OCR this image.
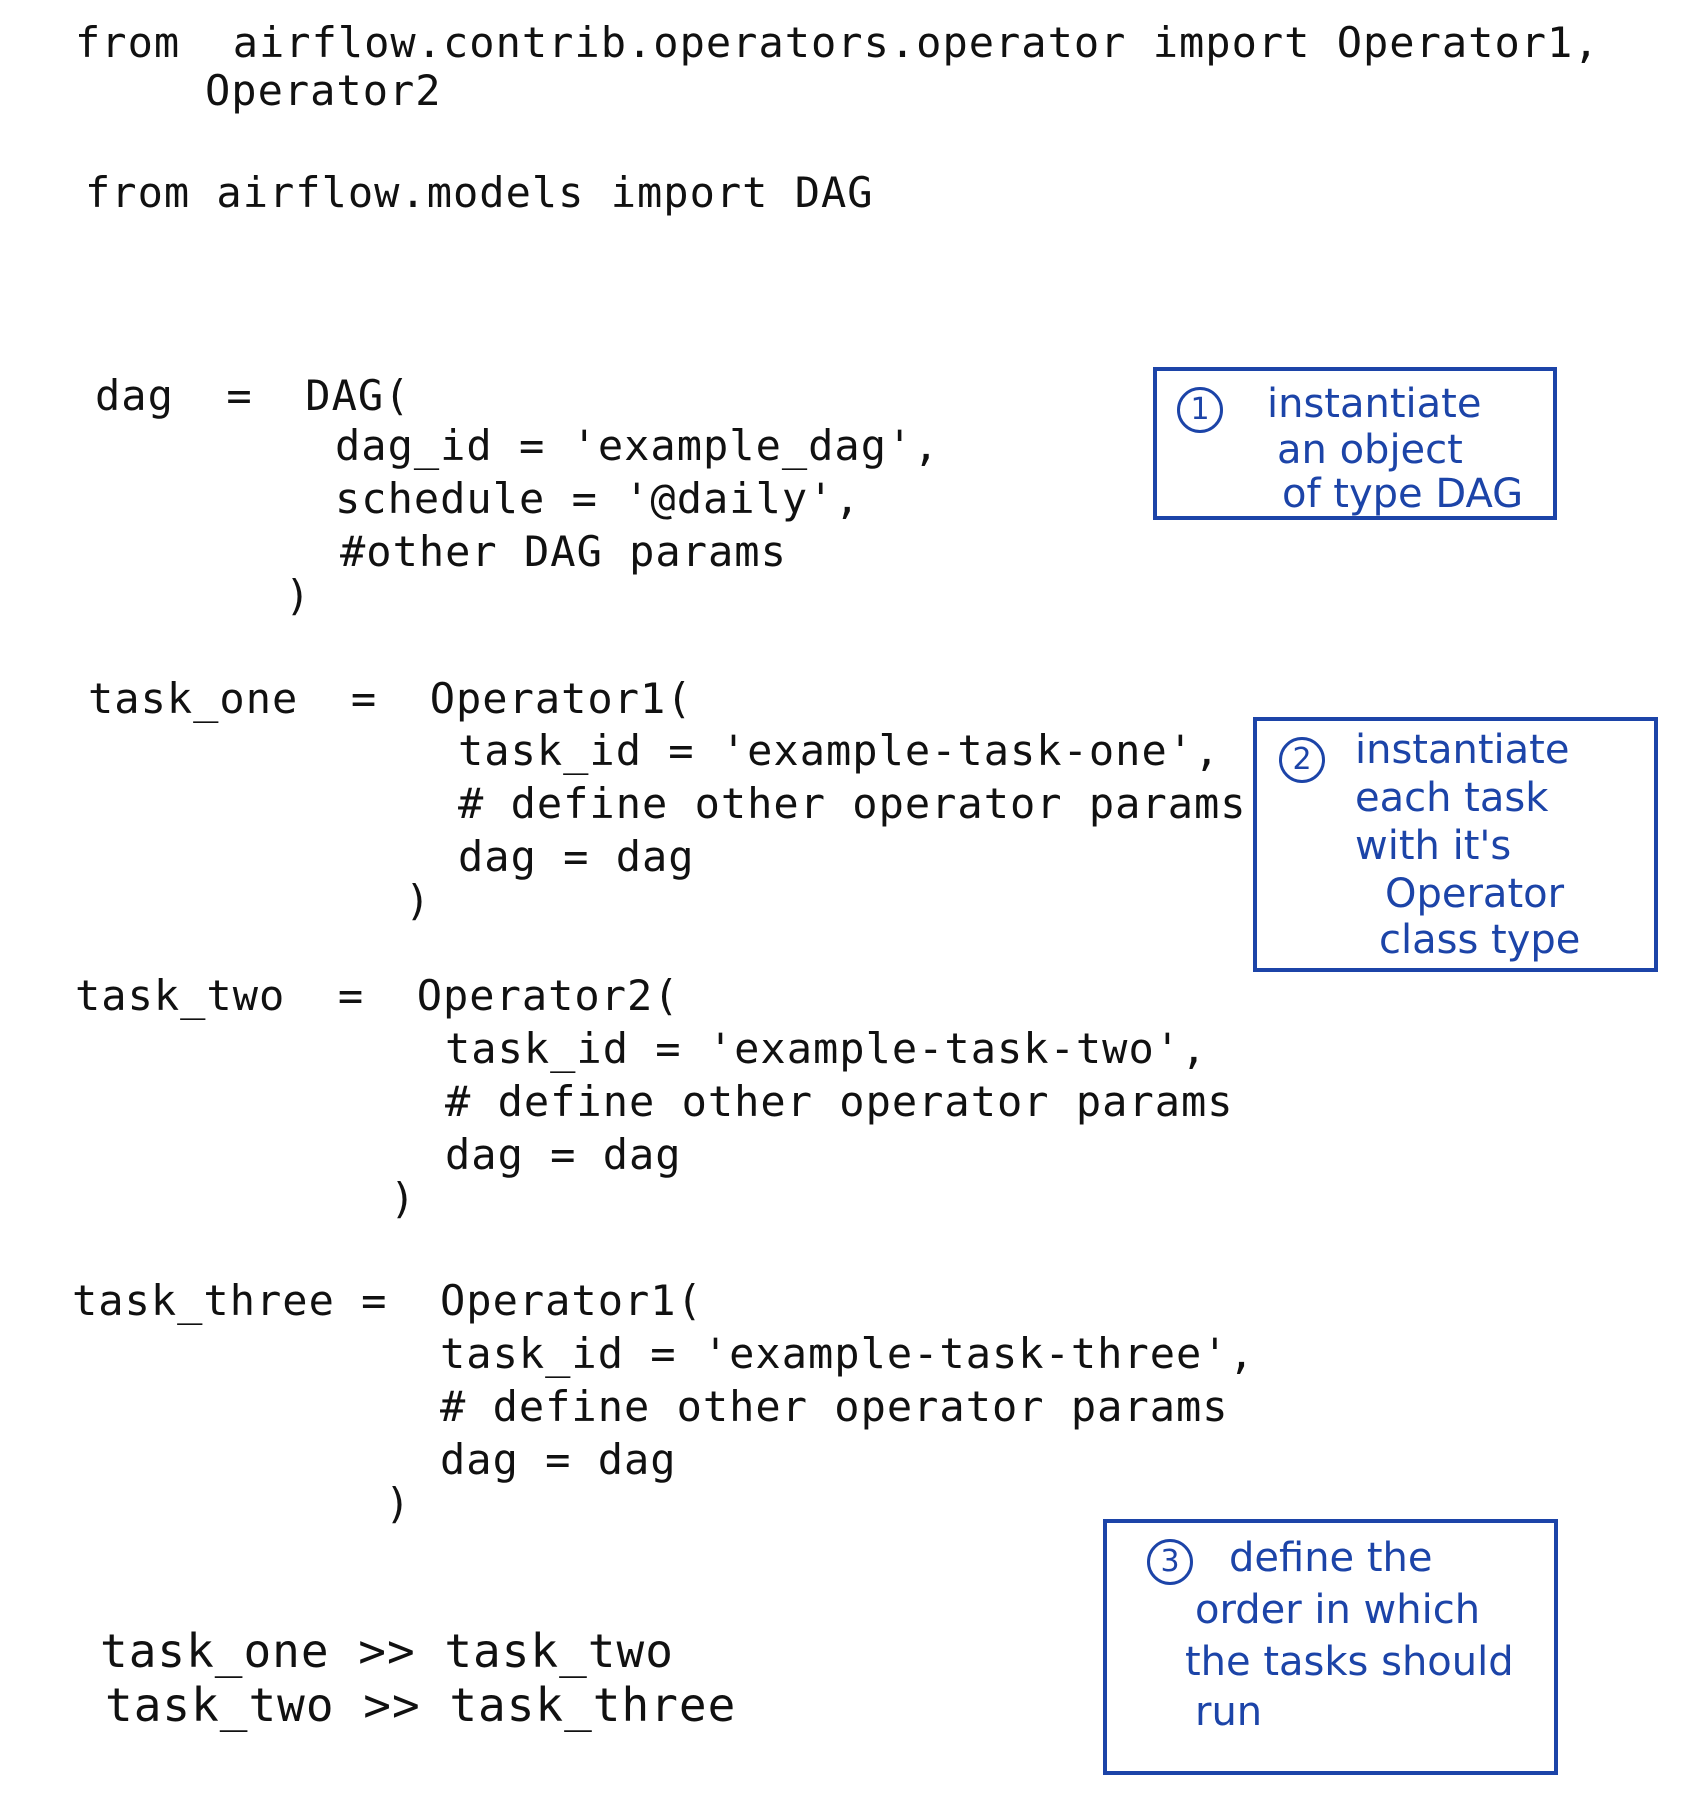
from  airflow.contrib.operators.operator import Operator1,
Operator2
from airflow.models import DAG
dag  =  DAG(
dag_id = 'example_dag',
schedule = '@daily',
#other DAG params
)
task_one  =  Operator1(
task_id = 'example-task-one',
# define other operator params
dag = dag
)
task_two  =  Operator2(
task_id = 'example-task-two',
# define other operator params
dag = dag
)
task_three =  Operator1(
task_id = 'example-task-three',
# define other operator params
dag = dag
)
task_one >> task_two
task_two >> task_three
1	instantiate
an object
of type DAG
2	instantiate
each task
with it's
Operator
class type
3	define the
order in which
the tasks should
run
